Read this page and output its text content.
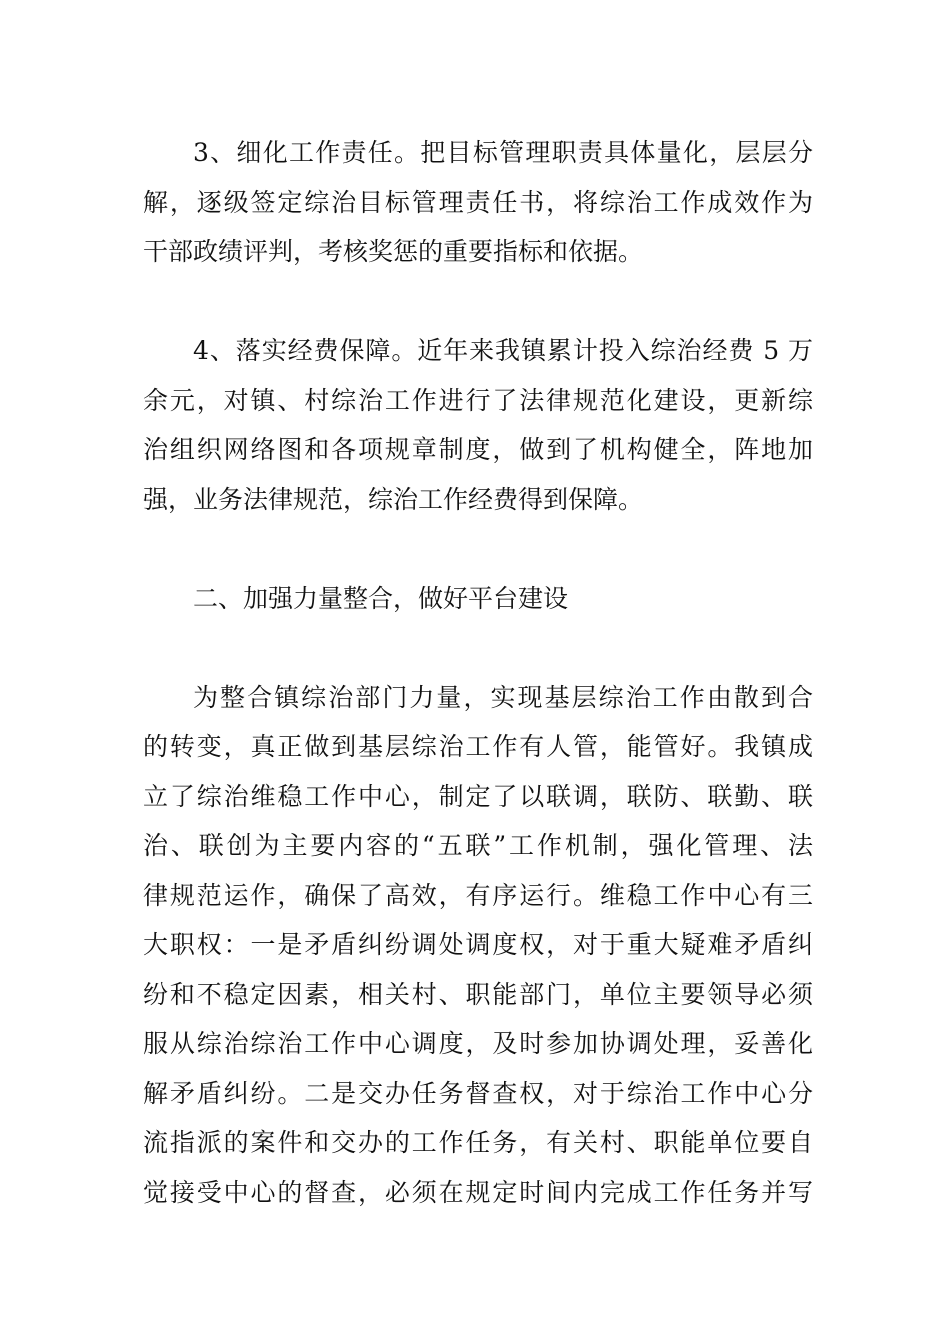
3、细化工作责任。把目标管理职责具体量化，层层分
解，逐级签定综治目标管理责任书，将综治工作成效作为
干部政绩评判，考核奖惩的重要指标和依据。
4、落实经费保障。近年来我镇累计投入综治经费 5 万
余元，对镇、村综治工作进行了法律规范化建设，更新综
治组织网络图和各项规章制度，做到了机构健全，阵地加
强，业务法律规范，综治工作经费得到保障。
二、加强力量整合，做好平台建设
为整合镇综治部门力量，实现基层综治工作由散到合
的转变，真正做到基层综治工作有人管，能管好。我镇成
立了综治维稳工作中心，制定了以联调，联防、联勤、联
治、联创为主要内容的“五联”工作机制，强化管理、法
律规范运作，确保了高效，有序运行。维稳工作中心有三
大职权：一是矛盾纠纷调处调度权，对于重大疑难矛盾纠
纷和不稳定因素，相关村、职能部门，单位主要领导必须
服从综治综治工作中心调度，及时参加协调处理，妥善化
解矛盾纠纷。二是交办任务督查权，对于综治工作中心分
流指派的案件和交办的工作任务，有关村、职能单位要自
觉接受中心的督查，必须在规定时间内完成工作任务并写
